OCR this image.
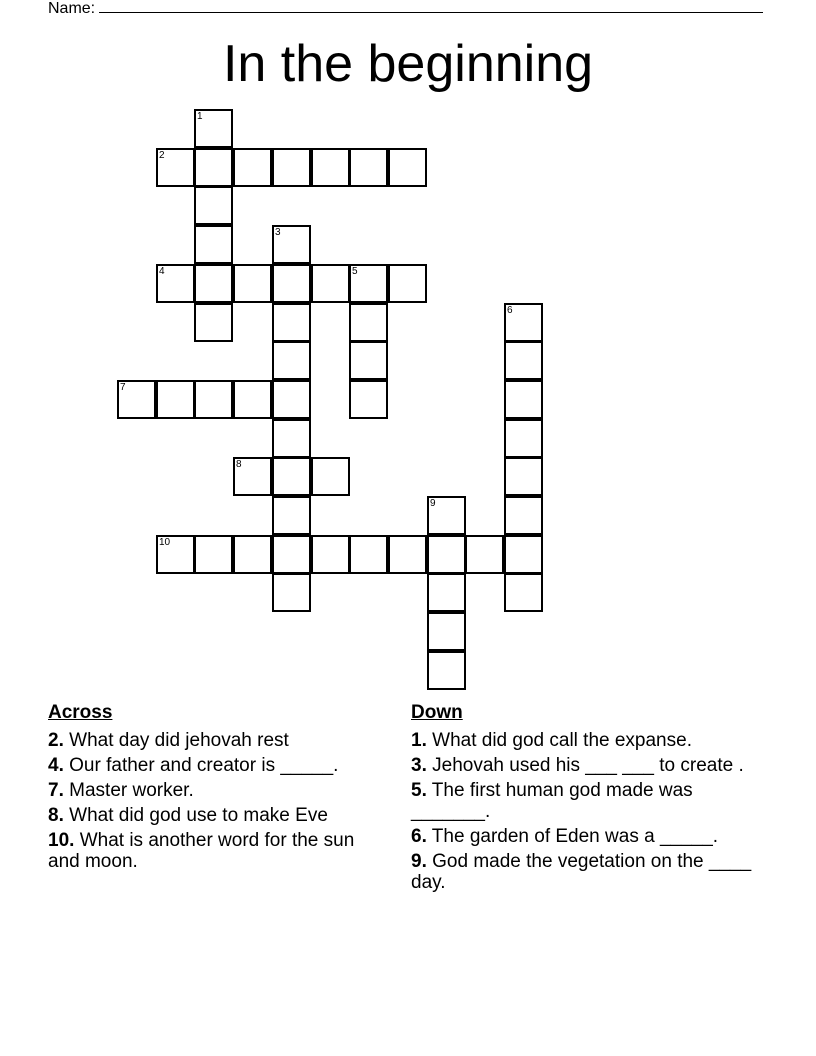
Name:
In the beginning
1
2
3
4	5
6
7
8
9
10
Across
2. What day did jehovah rest
4. Our father and creator is _____.
7. Master worker.
8. What did god use to make Eve
10. What is another word for the sun and moon.
Down
1. What did god call the expanse.
3. Jehovah used his ___ ___ to create .
5. The first human god made was _______.
6. The garden of Eden was a _____.
9. God made the vegetation on the ____ day.
